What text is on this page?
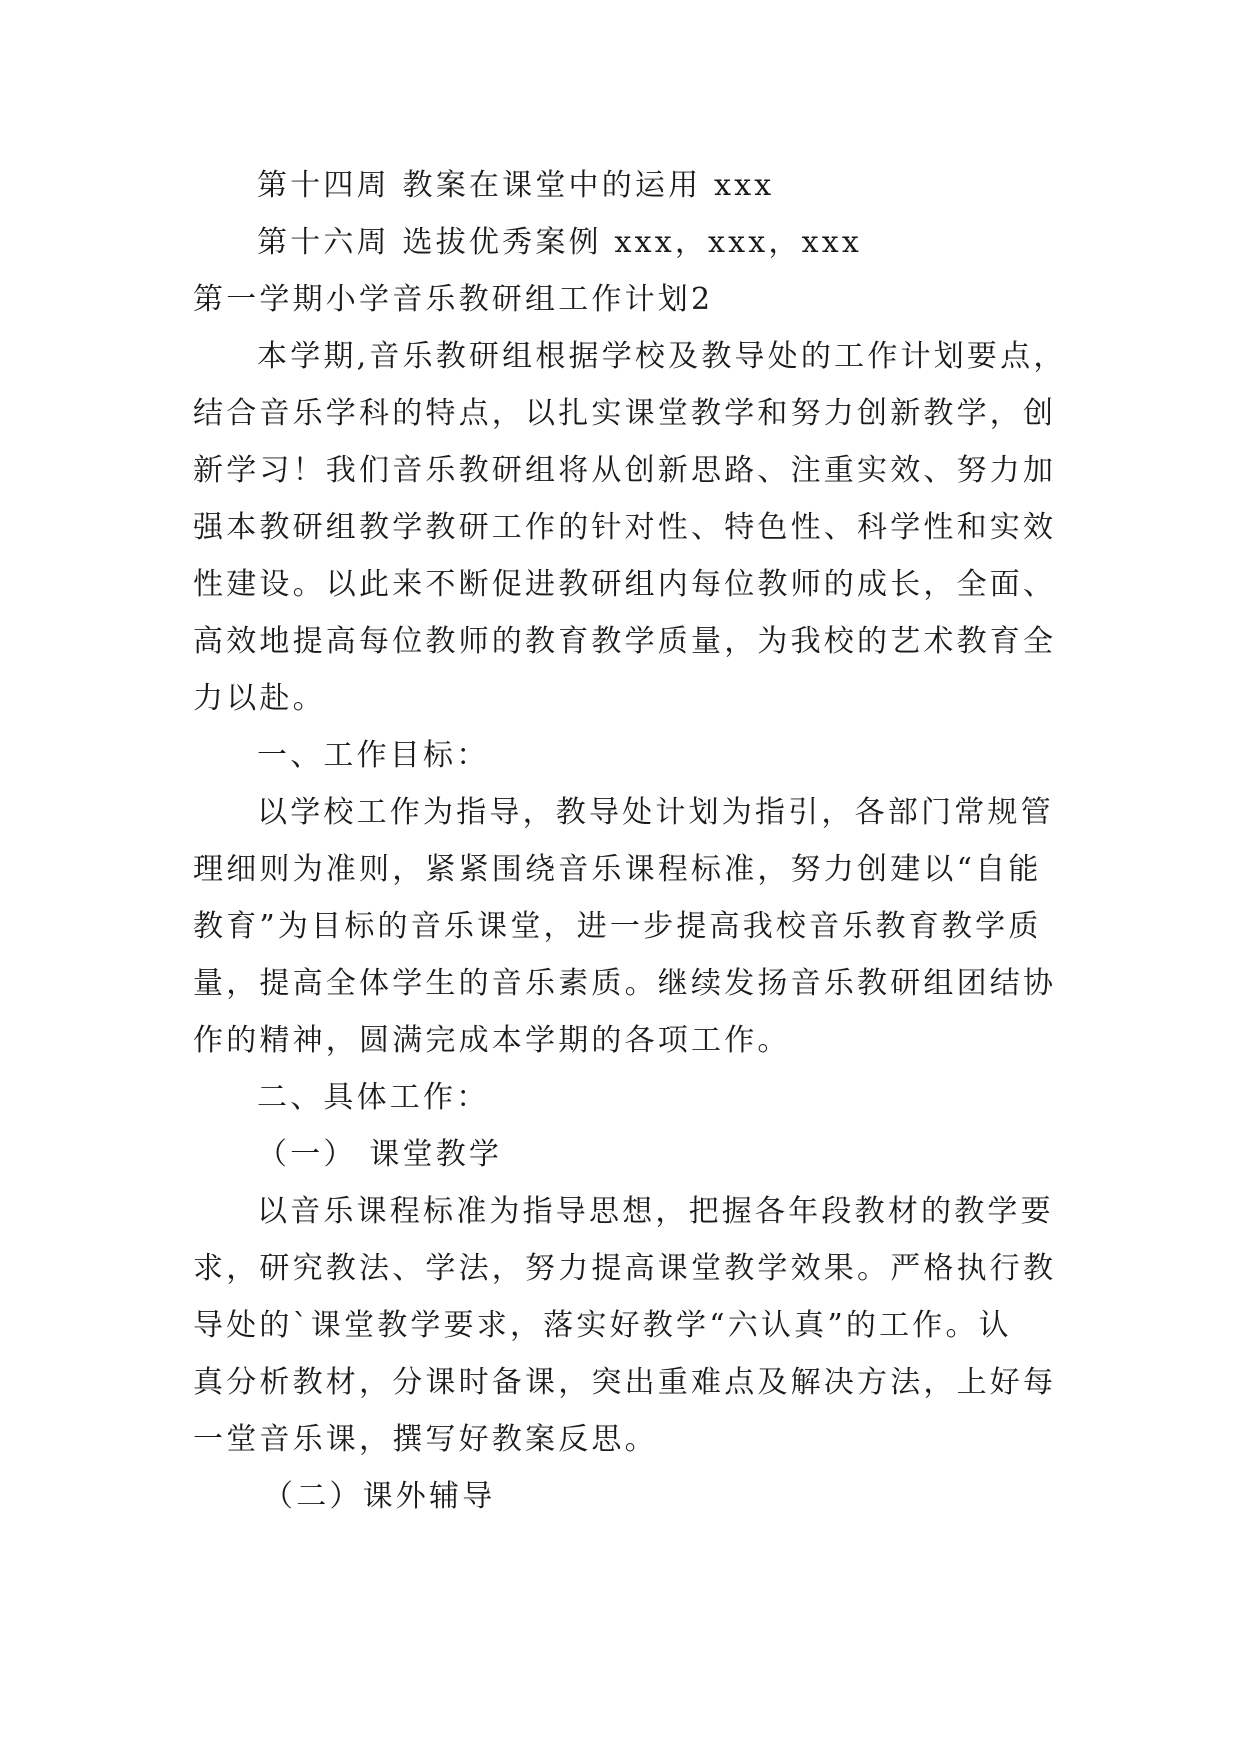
第十四周 教案在课堂中的运用 xxx
第十六周 选拔优秀案例 xxx，xxx，xxx
第一学期小学音乐教研组工作计划2
本学期,音乐教研组根据学校及教导处的工作计划要点，
结合音乐学科的特点，以扎实课堂教学和努力创新教学，创
新学习！我们音乐教研组将从创新思路、注重实效、努力加
强本教研组教学教研工作的针对性、特色性、科学性和实效
性建设。以此来不断促进教研组内每位教师的成长，全面、
高效地提高每位教师的教育教学质量，为我校的艺术教育全
力以赴。
一、工作目标：
以学校工作为指导，教导处计划为指引，各部门常规管
理细则为准则，紧紧围绕音乐课程标准，努力创建以“自能
教育”为目标的音乐课堂，进一步提高我校音乐教育教学质
量，提高全体学生的音乐素质。继续发扬音乐教研组团结协
作的精神，圆满完成本学期的各项工作。
二、具体工作：
（一） 课堂教学
以音乐课程标准为指导思想，把握各年段教材的教学要
求，研究教法、学法，努力提高课堂教学效果。严格执行教
导处的`课堂教学要求，落实好教学“六认真”的工作。认
真分析教材，分课时备课，突出重难点及解决方法，上好每
一堂音乐课，撰写好教案反思。
（二）课外辅导
